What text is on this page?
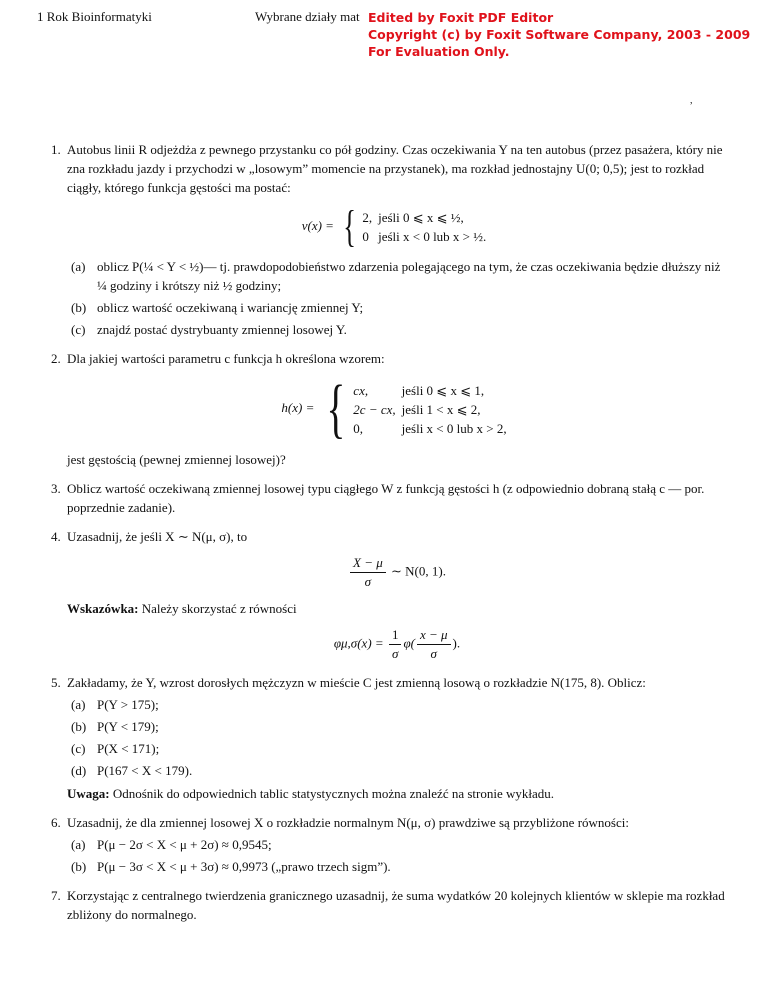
1 Rok Bioinformatyki	Wybrane działy mat Edited by Foxit PDF Editor
Copyright (c) by Foxit Software Company, 2003 - 2009
For Evaluation Only.
,
1. Autobus linii R odjeżdża z pewnego przystanku co pół godziny. Czas oczekiwania Y na ten autobus (przez pasażera, który nie zna rozkładu jazdy i przychodzi w „losowym” momencie na przystanek), ma rozkład jednostajny U(0; 0,5); jest to rozkład ciągły, którego funkcja gęstości ma postać:
v(x) = { 2,	jeśli 0 ⩽ x ⩽ ½,
0	jeśli x < 0 lub x > ½.
(a) oblicz P(¼ < Y < ½)— tj. prawdopodobieństwo zdarzenia polegającego na tym, że czas oczekiwania będzie dłuższy niż ¼ godziny i krótszy niż ½ godziny;
(b) oblicz wartość oczekiwaną i wariancję zmiennej Y;
(c) znajdź postać dystrybuanty zmiennej losowej Y.
2. Dla jakiej wartości parametru c funkcja h określona wzorem:
h(x) = { cx,	jeśli 0 ⩽ x ⩽ 1,
2c − cx,	jeśli 1 < x ⩽ 2,
0,	jeśli x < 0 lub x > 2,
jest gęstością (pewnej zmiennej losowej)?
3. Oblicz wartość oczekiwaną zmiennej losowej typu ciągłego W z funkcją gęstości h (z odpowiednio dobraną stałą c — por. poprzednie zadanie).
4. Uzasadnij, że jeśli X ∼ N(μ, σ), to
$\frac{X - \mu}{\sigma}$ ∼ N(0, 1).
Wskazówka: Należy skorzystać z równości
$\varphi\mu,\sigma(x) = \frac{1}{\sigma} \varphi( \frac{x - \mu}{\sigma}$ ).
5. Zakładamy, że Y, wzrost dorosłych mężczyzn w mieście C jest zmienną losową o rozkładzie N(175, 8). Oblicz:
(a) P(Y > 175);
(b) P(Y < 179);
(c) P(X < 171);
(d) P(167 < X < 179).
Uwaga: Odnośnik do odpowiednich tablic statystycznych można znaleźć na stronie wykładu.
6. Uzasadnij, że dla zmiennej losowej X o rozkładzie normalnym N(μ, σ) prawdziwe są przybliżone równości:
(a) P(μ − 2σ < X < μ + 2σ) ≈ 0,9545;
(b) P(μ − 3σ < X < μ + 3σ) ≈ 0,9973 („prawo trzech sigm”).
7. Korzystając z centralnego twierdzenia granicznego uzasadnij, że suma wydatków 20 kolejnych klientów w sklepie ma rozkład zbliżony do normalnego.
